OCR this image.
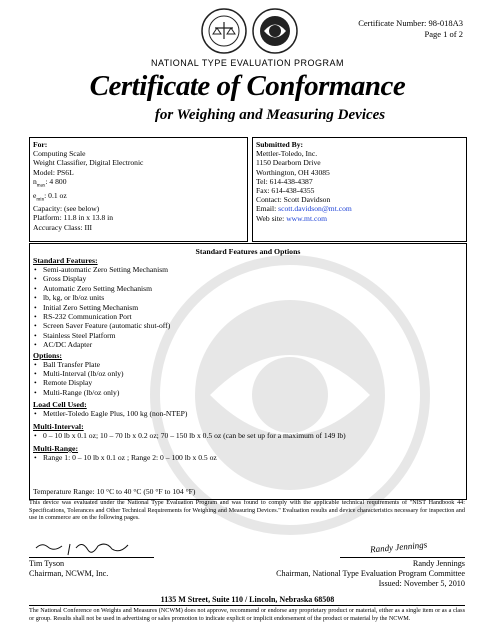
Certificate Number: 98-018A3
Page 1 of 2
NATIONAL TYPE EVALUATION PROGRAM
Certificate of Conformance
for Weighing and Measuring Devices
For:
Computing Scale
Weight Classifier, Digital Electronic
Model: PS6L
$n_{max}$: 4 800
$e_{min}$: 0.1 oz
Capacity: (see below)
Platform: 11.8 in x 13.8 in
Accuracy Class: III
Submitted By:
Mettler-Toledo, Inc.
1150 Dearborn Drive
Worthington, OH 43085
Tel: 614-438-4387
Fax: 614-438-4355
Contact: Scott Davidson
Email: scott.davidson@mt.com
Web site: www.mt.com
Standard Features and Options
Standard Features:
• Semi-automatic Zero Setting Mechanism
• Gross Display
• Automatic Zero Setting Mechanism
• lb, kg, or lb/oz units
• Initial Zero Setting Mechanism
• RS-232 Communication Port
• Screen Saver Feature (automatic shut-off)
• Stainless Steel Platform
• AC/DC Adapter
Options:
• Ball Transfer Plate
• Multi-Interval (lb/oz only)
• Remote Display
• Multi-Range (lb/oz only)
Load Cell Used:
• Mettler-Toledo Eagle Plus, 100 kg (non-NTEP)
Multi-Interval:
• 0 – 10 lb x 0.1 oz; 10 – 70 lb x 0.2 oz; 70 – 150 lb x 0.5 oz (can be set up for a maximum of 149 lb)
Multi-Range:
• Range 1: 0 – 10 lb x 0.1 oz ; Range 2: 0 – 100 lb x 0.5 oz
Temperature Range: 10 °C to 40 °C (50 °F to 104 °F)
This device was evaluated under the National Type Evaluation Program and was found to comply with the applicable technical requirements of "NIST Handbook 44: Specifications, Tolerances and Other Technical Requirements for Weighing and Measuring Devices." Evaluation results and device characteristics necessary for inspection and use in commerce are on the following pages.
Tim Tyson
Chairman, NCWM, Inc.
Randy Jennings
Randy Jennings
Chairman, National Type Evaluation Program Committee
Issued: November 5, 2010
1135 M Street, Suite 110 / Lincoln, Nebraska 68508
The National Conference on Weights and Measures (NCWM) does not approve, recommend or endorse any proprietary product or material, either as a single item or as a class or group. Results shall not be used in advertising or sales promotion to indicate explicit or implicit endorsement of the product or material by the NCWM.
